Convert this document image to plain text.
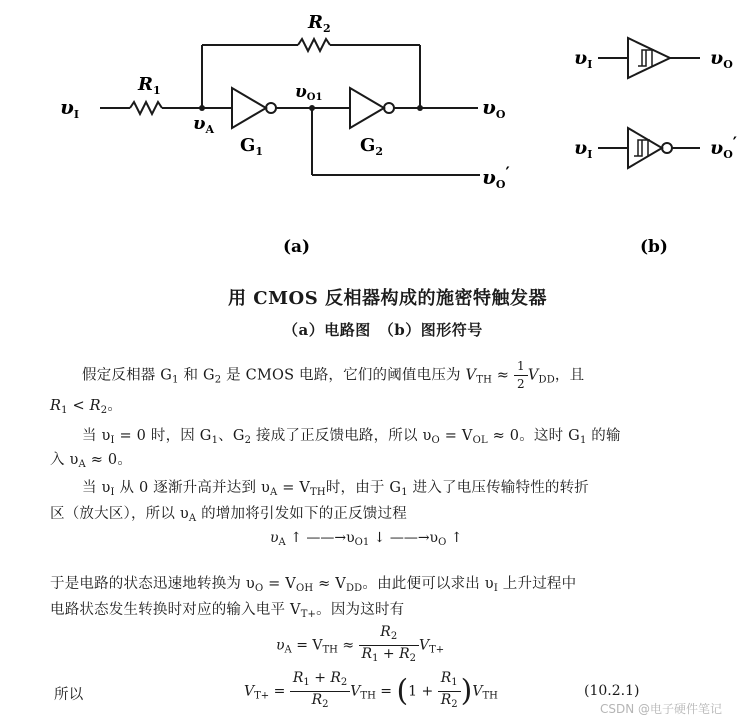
$\upsilon_I$
$R_1$
$R_2$
$\upsilon_A$
υO1
$G_1$	$G_2$
$\upsilon_O$
$\upsilon_O'$
(a)
$\upsilon_I$	$\upsilon_O$
$\upsilon_I$	$\upsilon_O'$
(b)
用 CMOS 反相器构成的施密特触发器
（a）电路图　（b）图形符号
假定反相器 $G_1$ 和 $G_2$ 是 CMOS 电路，它们的阈值电压为 $V_{TH} \approx \frac{1}{2} V_{DD}$，且
$R_1 < R_2$。
当 $\upsilon_I = 0$ 时，因 $G_1$、$G_2$ 接成了正反馈电路，所以 $\upsilon_O = V_{OL} \approx 0$。这时 $G_1$ 的输
入 $\upsilon_A \approx 0$。
当 $\upsilon_I$ 从 0 逐渐升高并达到 $\upsilon_A = V_{TH}$时，由于 $G_1$ 进入了电压传输特性的转折
区（放大区），所以 $\upsilon_A$ 的增加将引发如下的正反馈过程
$\upsilon_A$ ↑ $——\to\upsilon_{O1}$ ↓ $——\to\upsilon_O$ ↑
于是电路的状态迅速地转换为 $\upsilon_O = V_{OH} \approx V_{DD}$。由此便可以求出 $\upsilon_I$ 上升过程中
电路状态发生转换时对应的输入电平 $V_{T+}$。因为这时有
$\upsilon_A = V_{TH} \approx \frac{R_2}{R_1 + R_2} V_{T+}$
所以	$V_{T+} = \frac{R_1 + R_2}{R_2} V_{TH} = (1 + \frac{R_1}{R_2} )V_{TH}$	(10.2.1)
CSDN @电子硬件笔记
